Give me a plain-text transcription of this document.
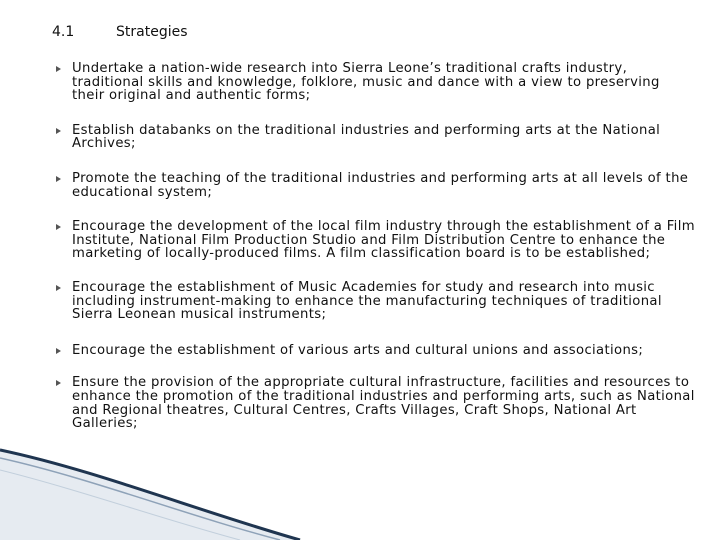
4.1	Strategies
Undertake a nation-wide research into Sierra Leone’s traditional crafts industry, traditional skills and knowledge, folklore, music and dance with a view to preserving their original and authentic forms;
Establish databanks on the traditional industries and performing arts at the National Archives;
Promote the teaching of the traditional industries and performing arts at all levels of the educational system;
Encourage the development of the local film industry through the establishment of a Film Institute, National Film Production Studio and Film Distribution Centre to enhance the marketing of locally-produced films. A film classification board is to be established;
Encourage the establishment of Music Academies for study and research into music including instrument-making to enhance the manufacturing techniques of traditional Sierra Leonean musical instruments;
Encourage the establishment of various arts and cultural unions and associations;
Ensure the provision of the appropriate cultural infrastructure, facilities and resources to enhance the promotion of the traditional industries and performing arts, such as National and Regional theatres, Cultural Centres, Crafts Villages, Craft Shops, National Art Galleries;
